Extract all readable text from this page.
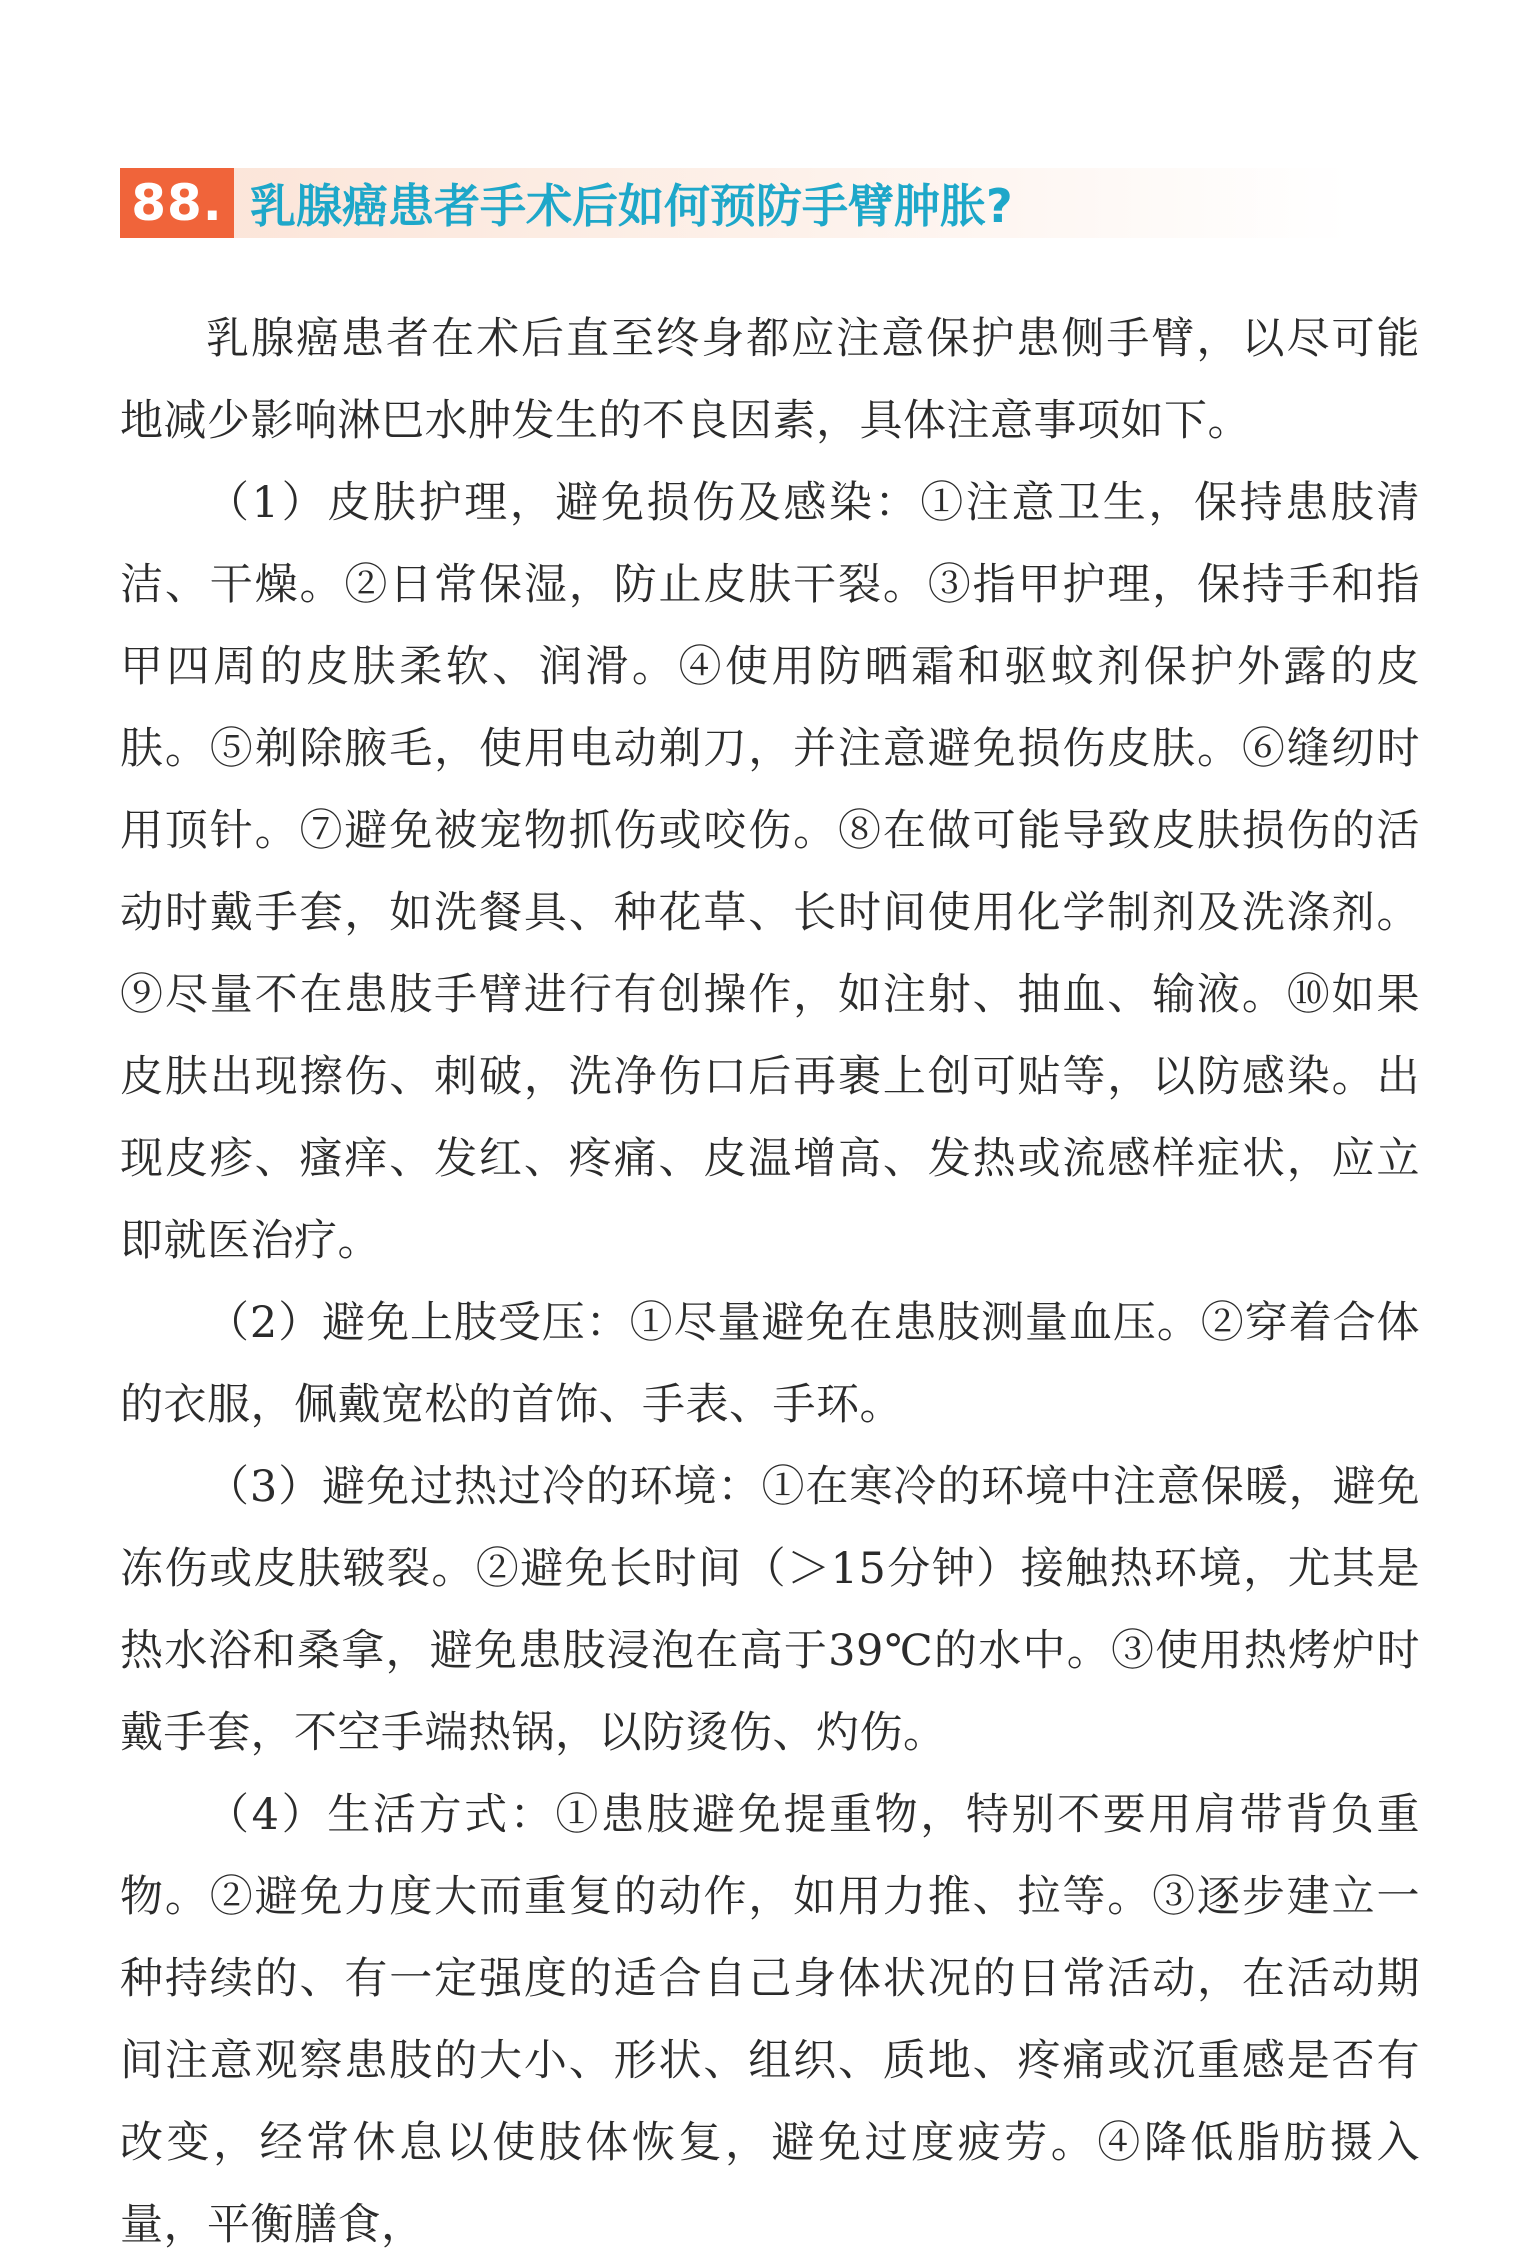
88. 乳腺癌患者手术后如何预防手臂肿胀?

乳腺癌患者在术后直至终身都应注意保护患侧手臂，以尽可能地减少影响淋巴水肿发生的不良因素，具体注意事项如下。

（1）皮肤护理，避免损伤及感染：①注意卫生，保持患肢清洁、干燥。②日常保湿，防止皮肤干裂。③指甲护理，保持手和指甲四周的皮肤柔软、润滑。④使用防晒霜和驱蚊剂保护外露的皮肤。⑤剃除腋毛，使用电动剃刀，并注意避免损伤皮肤。⑥缝纫时用顶针。⑦避免被宠物抓伤或咬伤。⑧在做可能导致皮肤损伤的活动时戴手套，如洗餐具、种花草、长时间使用化学制剂及洗涤剂。⑨尽量不在患肢手臂进行有创操作，如注射、抽血、输液。⑩如果皮肤出现擦伤、刺破，洗净伤口后再裹上创可贴等，以防感染。出现皮疹、瘙痒、发红、疼痛、皮温增高、发热或流感样症状，应立即就医治疗。

（2）避免上肢受压：①尽量避免在患肢测量血压。②穿着合体的衣服，佩戴宽松的首饰、手表、手环。

（3）避免过热过冷的环境：①在寒冷的环境中注意保暖，避免冻伤或皮肤皲裂。②避免长时间（＞15分钟）接触热环境，尤其是热水浴和桑拿，避免患肢浸泡在高于39℃的水中。③使用热烤炉时戴手套，不空手端热锅，以防烫伤、灼伤。

（4）生活方式：①患肢避免提重物，特别不要用肩带背负重物。②避免力度大而重复的动作，如用力推、拉等。③逐步建立一种持续的、有一定强度的适合自己身体状况的日常活动，在活动期间注意观察患肢的大小、形状、组织、质地、疼痛或沉重感是否有改变，经常休息以使肢体恢复，避免过度疲劳。④降低脂肪摄入量，平衡膳食，
